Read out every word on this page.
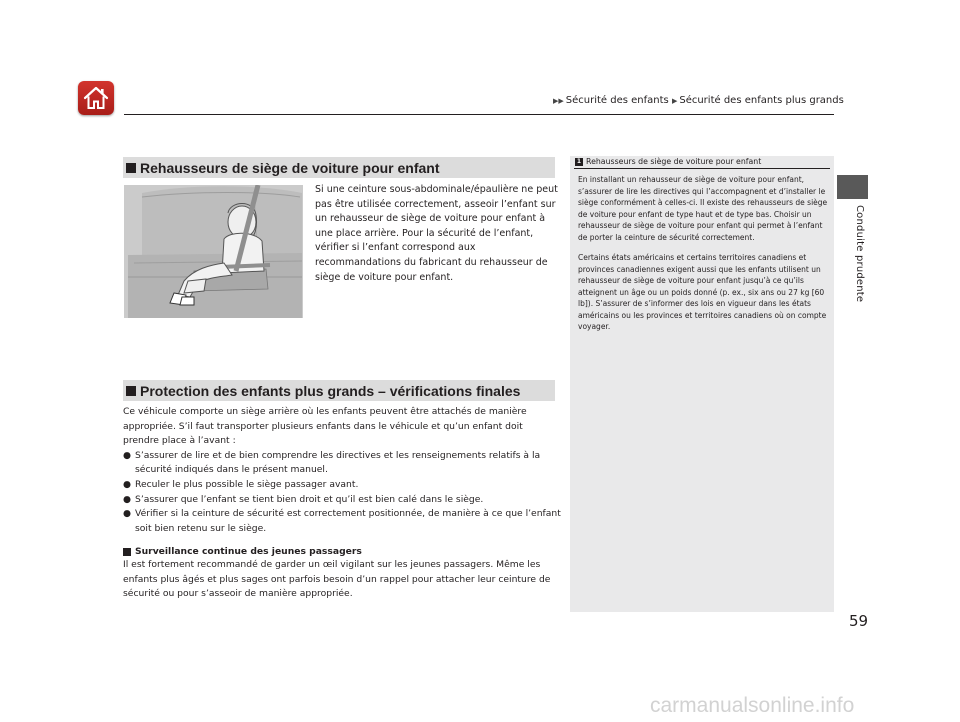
▶▶ Sécurité des enfants ▶ Sécurité des enfants plus grands
Conduite prudente
Rehausseurs de siège de voiture pour enfant
Si une ceinture sous-abdominale/épaulière ne peut pas être utilisée correctement, asseoir l’enfant sur un rehausseur de siège de voiture pour enfant à une place arrière. Pour la sécurité de l’enfant, vérifier si l’enfant correspond aux recommandations du fabricant du rehausseur de siège de voiture pour enfant.
Protection des enfants plus grands – vérifications finales

Ce véhicule comporte un siège arrière où les enfants peuvent être attachés de manière appropriée. S’il faut transporter plusieurs enfants dans le véhicule et qu’un enfant doit prendre place à l’avant :

● S’assurer de lire et de bien comprendre les directives et les renseignements relatifs à la sécurité indiqués dans le présent manuel.
● Reculer le plus possible le siège passager avant.
● S’assurer que l’enfant se tient bien droit et qu’il est bien calé dans le siège.
● Vérifier si la ceinture de sécurité est correctement positionnée, de manière à ce que l’enfant soit bien retenu sur le siège.
Surveillance continue des jeunes passagers
Il est fortement recommandé de garder un œil vigilant sur les jeunes passagers. Même les enfants plus âgés et plus sages ont parfois besoin d’un rappel pour attacher leur ceinture de sécurité ou pour s’asseoir de manière appropriée.
1 Rehausseurs de siège de voiture pour enfant

En installant un rehausseur de siège de voiture pour enfant, s’assurer de lire les directives qui l’accompagnent et d’installer le siège conformément à celles-ci. Il existe des rehausseurs de siège de voiture pour enfant de type haut et de type bas. Choisir un rehausseur de siège de voiture pour enfant qui permet à l’enfant de porter la ceinture de sécurité correctement.

Certains états américains et certains territoires canadiens et provinces canadiennes exigent aussi que les enfants utilisent un rehausseur de siège de voiture pour enfant jusqu’à ce qu’ils atteignent un âge ou un poids donné (p. ex., six ans ou 27 kg [60 lb]). S’assurer de s’informer des lois en vigueur dans les états américains ou les provinces et territoires canadiens où on compte voyager.

59
carmanualsonline.info
